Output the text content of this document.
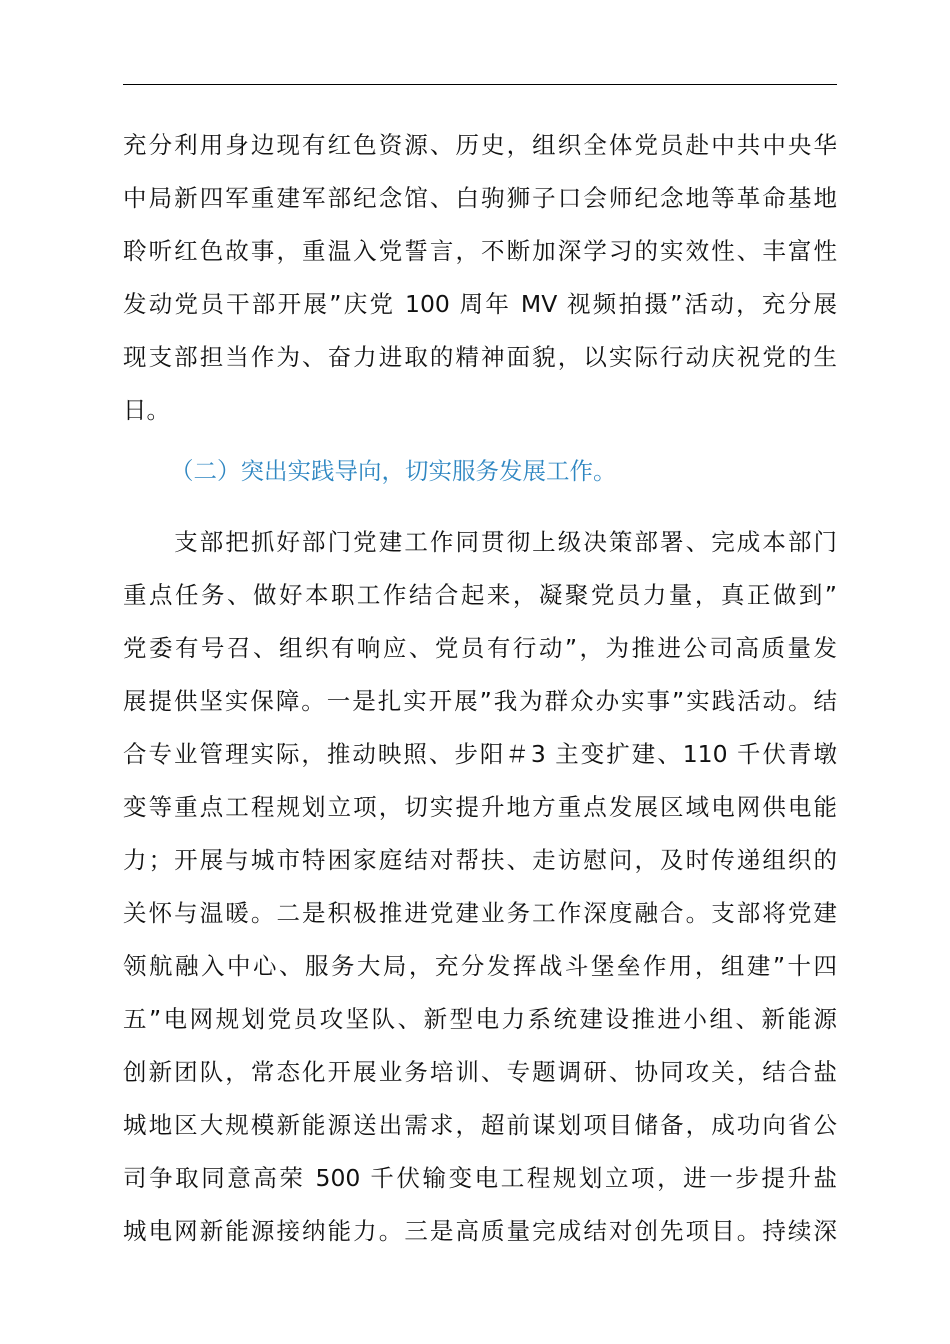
充分利用身边现有红色资源、历史，组织全体党员赴中共中央华
中局新四军重建军部纪念馆、白驹狮子口会师纪念地等革命基地
聆听红色故事，重温入党誓言，不断加深学习的实效性、丰富性
发动党员干部开展”庆党 100 周年 MV 视频拍摄”活动，充分展
现支部担当作为、奋力进取的精神面貌，以实际行动庆祝党的生
日。
（二）突出实践导向，切实服务发展工作。
　　支部把抓好部门党建工作同贯彻上级决策部署、完成本部门
重点任务、做好本职工作结合起来，凝聚党员力量，真正做到”
党委有号召、组织有响应、党员有行动”，为推进公司高质量发
展提供坚实保障。一是扎实开展”我为群众办实事”实践活动。结
合专业管理实际，推动映照、步阳＃3 主变扩建、110 千伏青墩
变等重点工程规划立项，切实提升地方重点发展区域电网供电能
力；开展与城市特困家庭结对帮扶、走访慰问，及时传递组织的
关怀与温暖。二是积极推进党建业务工作深度融合。支部将党建
领航融入中心、服务大局，充分发挥战斗堡垒作用，组建”十四
五”电网规划党员攻坚队、新型电力系统建设推进小组、新能源
创新团队，常态化开展业务培训、专题调研、协同攻关，结合盐
城地区大规模新能源送出需求，超前谋划项目储备，成功向省公
司争取同意高荣 500 千伏输变电工程规划立项，进一步提升盐
城电网新能源接纳能力。三是高质量完成结对创先项目。持续深
